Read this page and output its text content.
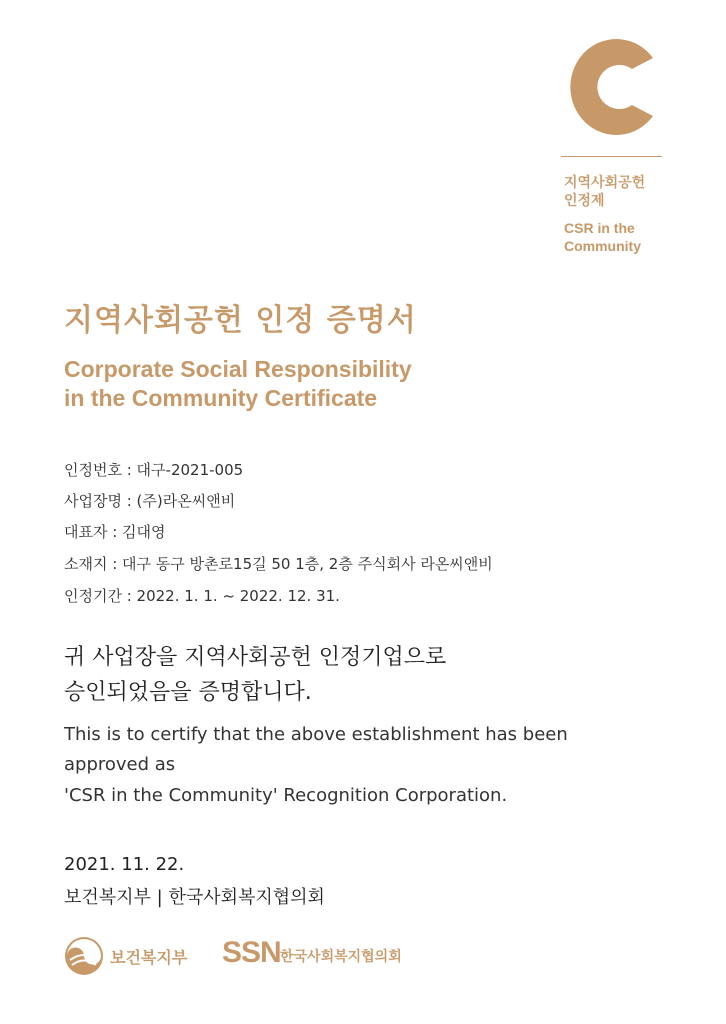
지역사회공헌
인정제
CSR in the
Community
지역사회공헌 인정 증명서
Corporate Social Responsibility
in the Community Certificate
인정번호 : 대구-2021-005
사업장명 : (주)라온씨앤비
대표자 : 김대영
소재지 : 대구 동구 방촌로15길 50 1층, 2층 주식회사 라온씨앤비
인정기간 : 2022. 1. 1. ~ 2022. 12. 31.
귀 사업장을 지역사회공헌 인정기업으로
승인되었음을 증명합니다.
This is to certify that the above establishment has been
approved as
'CSR in the Community' Recognition Corporation.
2021. 11. 22.
보건복지부 | 한국사회복지협의회
보건복지부 SSN 한국사회복지협의회
